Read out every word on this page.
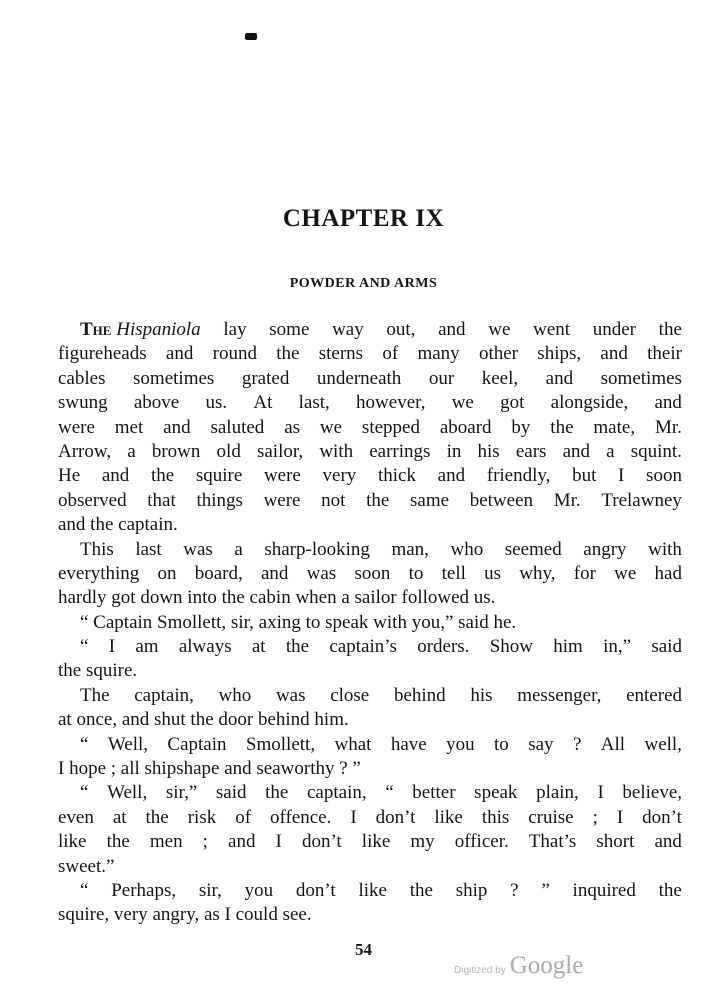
CHAPTER IX
POWDER AND ARMS
The Hispaniola lay some way out, and we went under the
figureheads and round the sterns of many other ships, and their
cables sometimes grated underneath our keel, and sometimes
swung above us. At last, however, we got alongside, and
were met and saluted as we stepped aboard by the mate, Mr.
Arrow, a brown old sailor, with earrings in his ears and a squint.
He and the squire were very thick and friendly, but I soon
observed that things were not the same between Mr. Trelawney
and the captain.
This last was a sharp-looking man, who seemed angry with
everything on board, and was soon to tell us why, for we had
hardly got down into the cabin when a sailor followed us.
“ Captain Smollett, sir, axing to speak with you,” said he.
“ I am always at the captain’s orders. Show him in,” said
the squire.
The captain, who was close behind his messenger, entered
at once, and shut the door behind him.
“ Well, Captain Smollett, what have you to say ? All well,
I hope ; all shipshape and seaworthy ? ”
“ Well, sir,” said the captain, “ better speak plain, I believe,
even at the risk of offence. I don’t like this cruise ; I don’t
like the men ; and I don’t like my officer. That’s short and
sweet.”
“ Perhaps, sir, you don’t like the ship ? ” inquired the
squire, very angry, as I could see.
54
Digitized by Google
